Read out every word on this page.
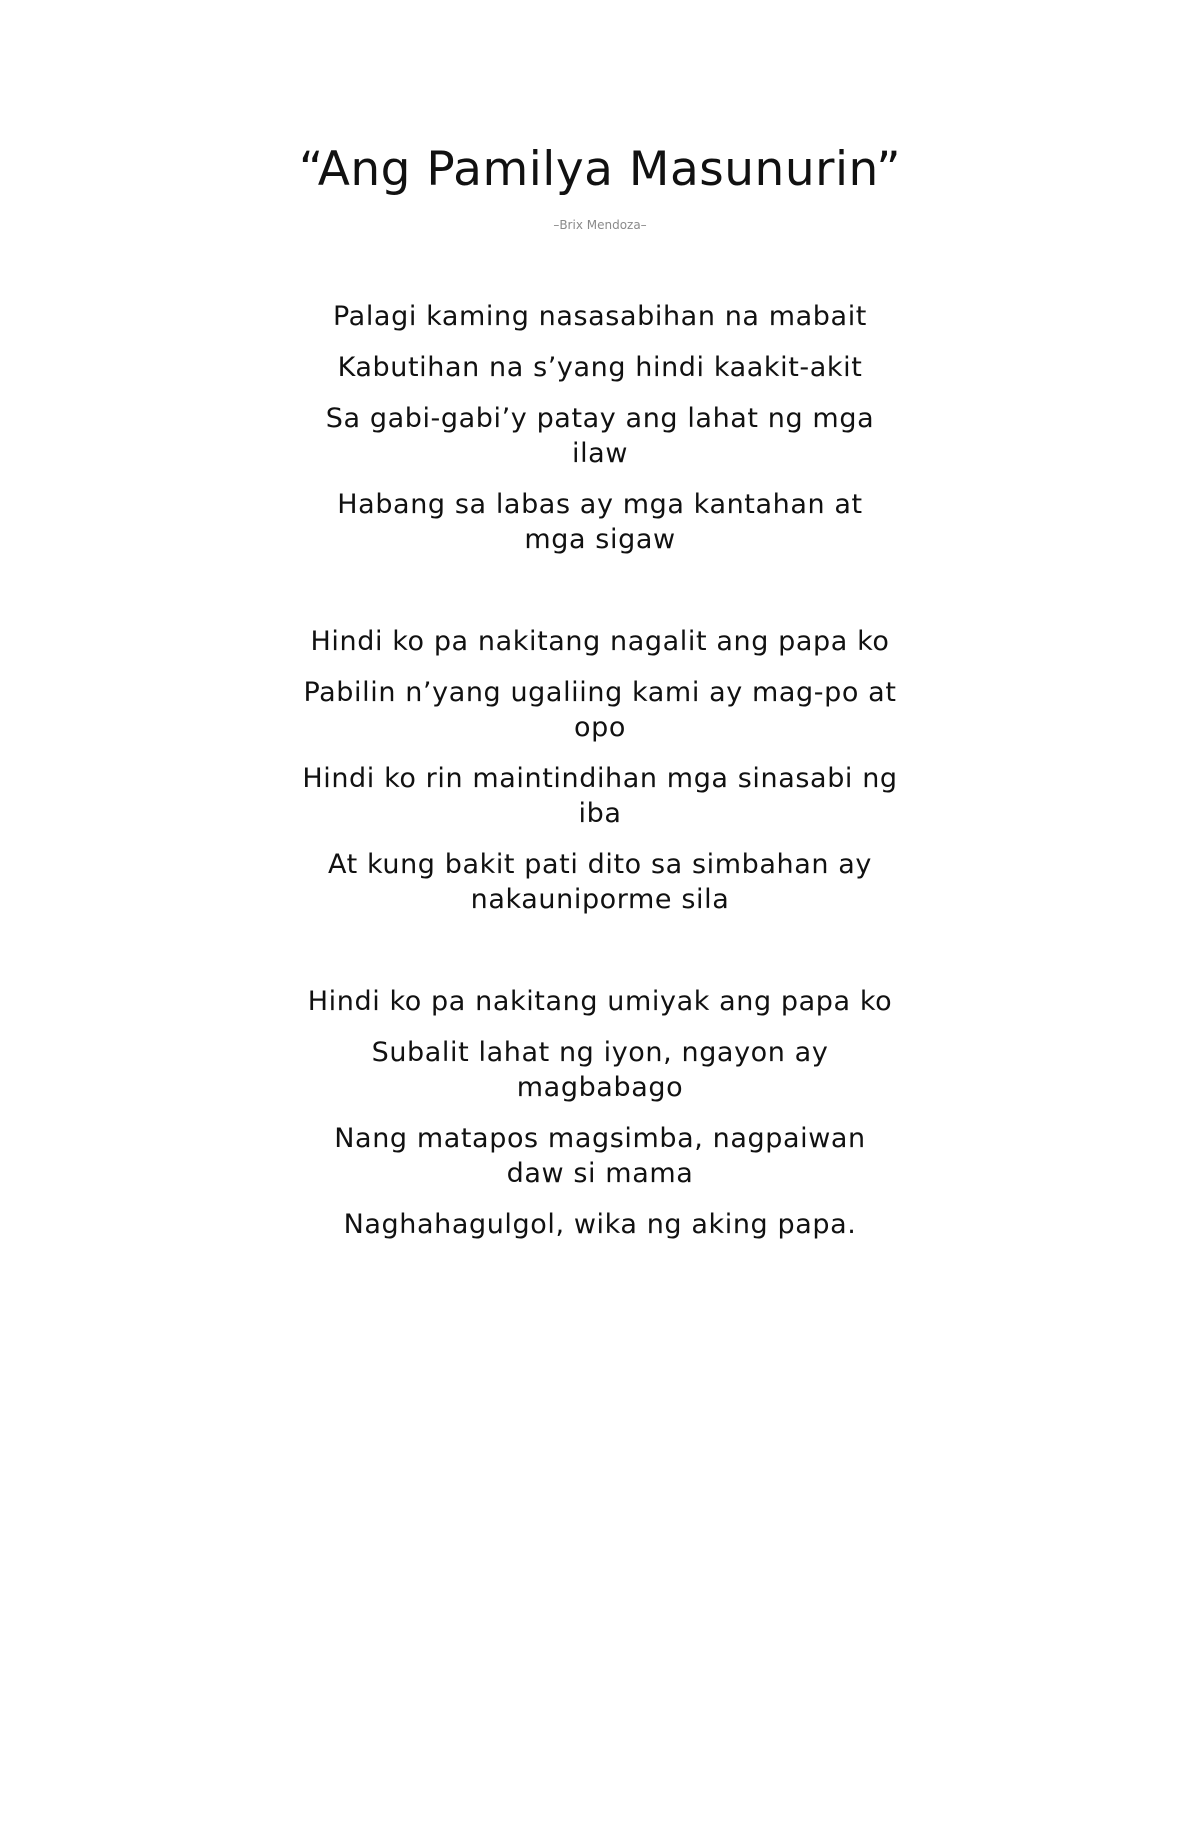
“Ang Pamilya Masunurin”
–Brix Mendoza–

Palagi kaming nasasabihan na mabait

Kabutihan na s’yang hindi kaakit-akit

Sa gabi-gabi’y patay ang lahat ng mga ilaw

Habang sa labas ay mga kantahan at mga sigaw

Hindi ko pa nakitang nagalit ang papa ko

Pabilin n’yang ugaliing kami ay mag-po at opo

Hindi ko rin maintindihan mga sinasabi ng iba

At kung bakit pati dito sa simbahan ay nakauniporme sila

Hindi ko pa nakitang umiyak ang papa ko

Subalit lahat ng iyon, ngayon ay magbabago

Nang matapos magsimba, nagpaiwan daw si mama

Naghahagulgol, wika ng aking papa.
